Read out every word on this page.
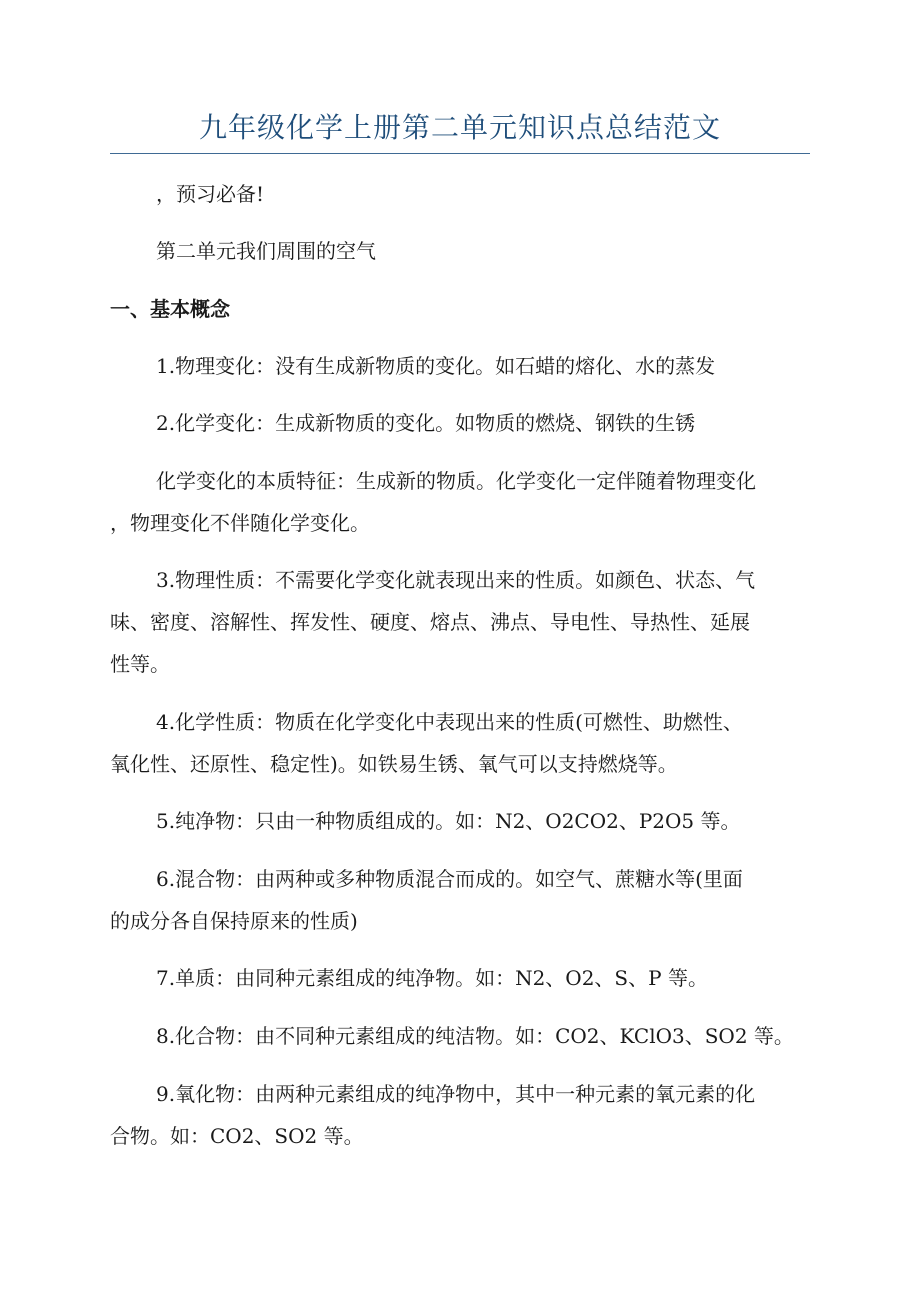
九年级化学上册第二单元知识点总结范文
，预习必备!
第二单元我们周围的空气
一、基本概念
1.物理变化：没有生成新物质的变化。如石蜡的熔化、水的蒸发
2.化学变化：生成新物质的变化。如物质的燃烧、钢铁的生锈
化学变化的本质特征：生成新的物质。化学变化一定伴随着物理变化
，物理变化不伴随化学变化。
3.物理性质：不需要化学变化就表现出来的性质。如颜色、状态、气
味、密度、溶解性、挥发性、硬度、熔点、沸点、导电性、导热性、延展
性等。
4.化学性质：物质在化学变化中表现出来的性质(可燃性、助燃性、
氧化性、还原性、稳定性)。如铁易生锈、氧气可以支持燃烧等。
5.纯净物：只由一种物质组成的。如：N2、O2CO2、P2O5 等。
6.混合物：由两种或多种物质混合而成的。如空气、蔗糖水等(里面
的成分各自保持原来的性质)
7.单质：由同种元素组成的纯净物。如：N2、O2、S、P 等。
8.化合物：由不同种元素组成的纯洁物。如：CO2、KClO3、SO2 等。
9.氧化物：由两种元素组成的纯净物中，其中一种元素的氧元素的化
合物。如：CO2、SO2 等。
